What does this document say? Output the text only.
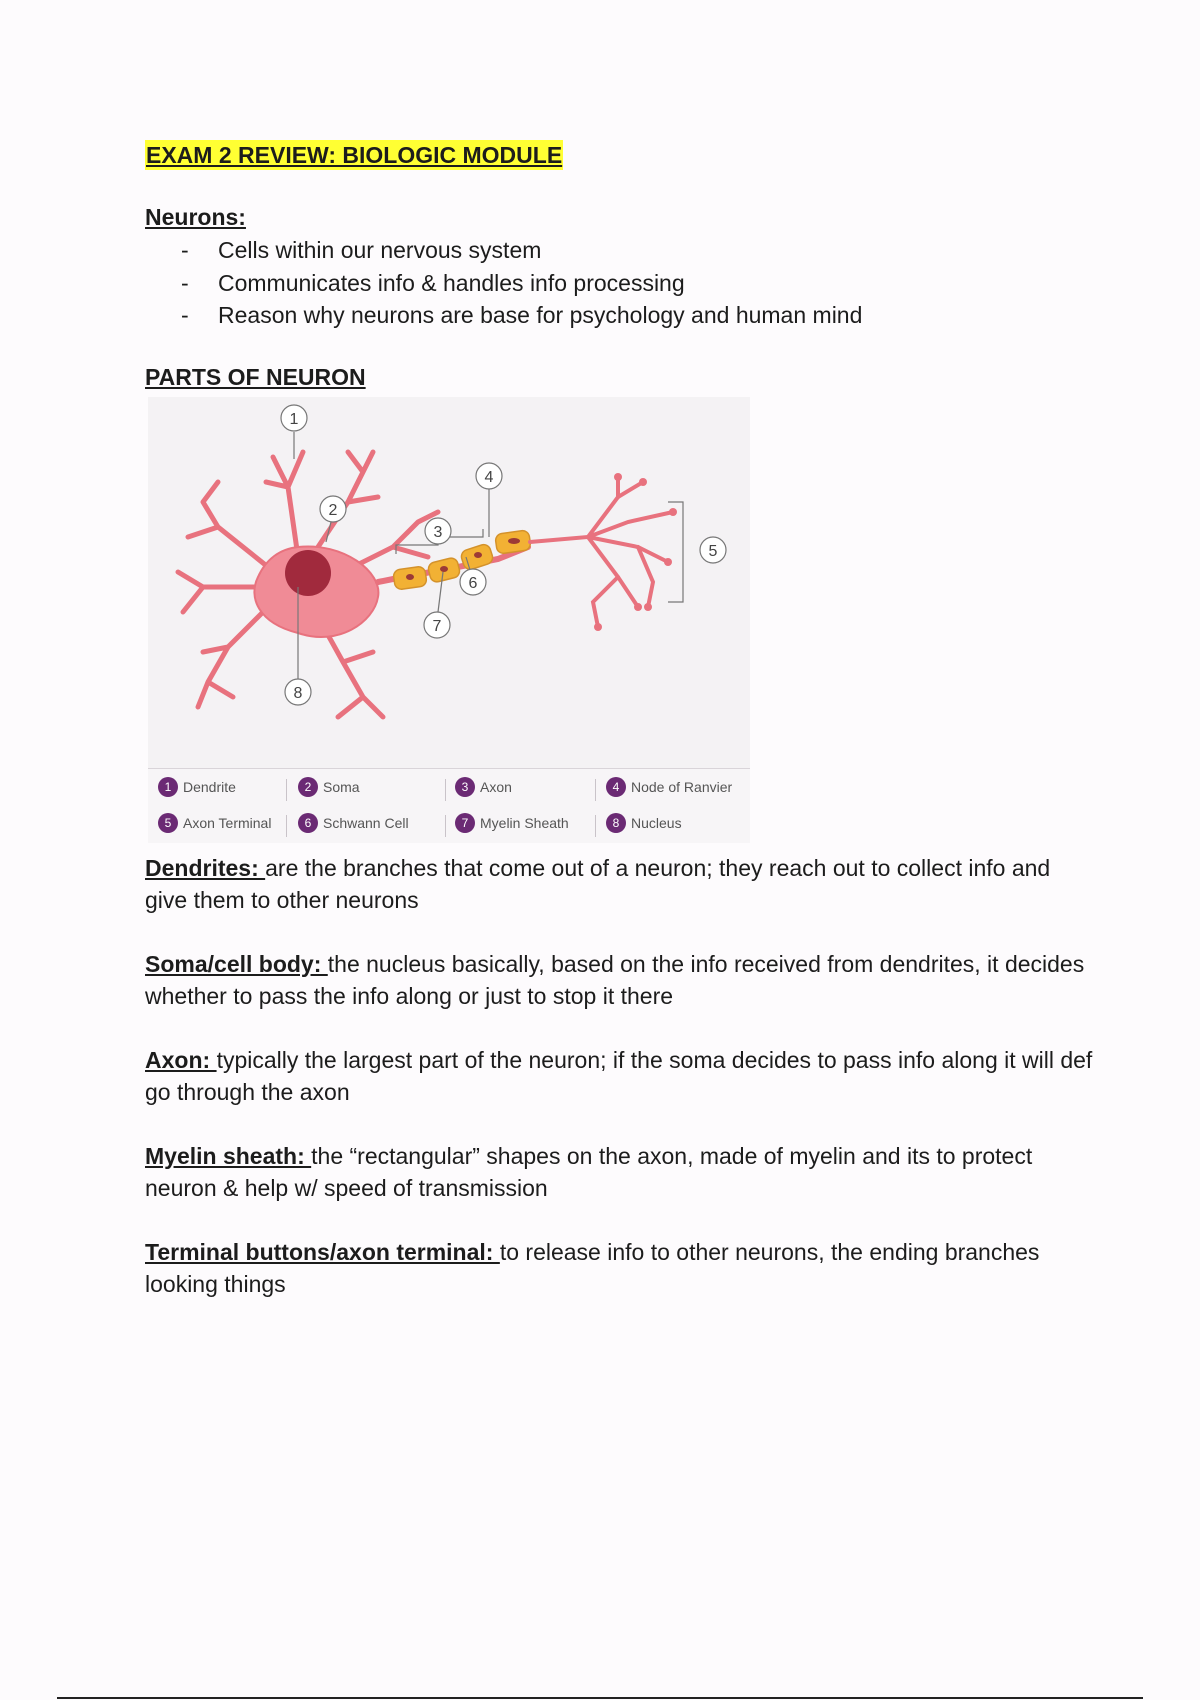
EXAM 2 REVIEW: BIOLOGIC MODULE
Neurons:
- Cells within our nervous system
- Communicates info & handles info processing
- Reason why neurons are base for psychology and human mind
PARTS OF NEURON
1
2
3
4
5
6
7
8
1 Dendrite	2 Soma	3 Axon	4 Node of Ranvier
5 Axon Terminal	6 Schwann Cell	7 Myelin Sheath	8 Nucleus

Dendrites: are the branches that come out of a neuron; they reach out to collect info and give them to other neurons

Soma/cell body: the nucleus basically, based on the info received from dendrites, it decides whether to pass the info along or just to stop it there

Axon: typically the largest part of the neuron; if the soma decides to pass info along it will def go through the axon

Myelin sheath: the “rectangular” shapes on the axon, made of myelin and its to protect neuron & help w/ speed of transmission

Terminal buttons/axon terminal: to release info to other neurons, the ending branches looking things
